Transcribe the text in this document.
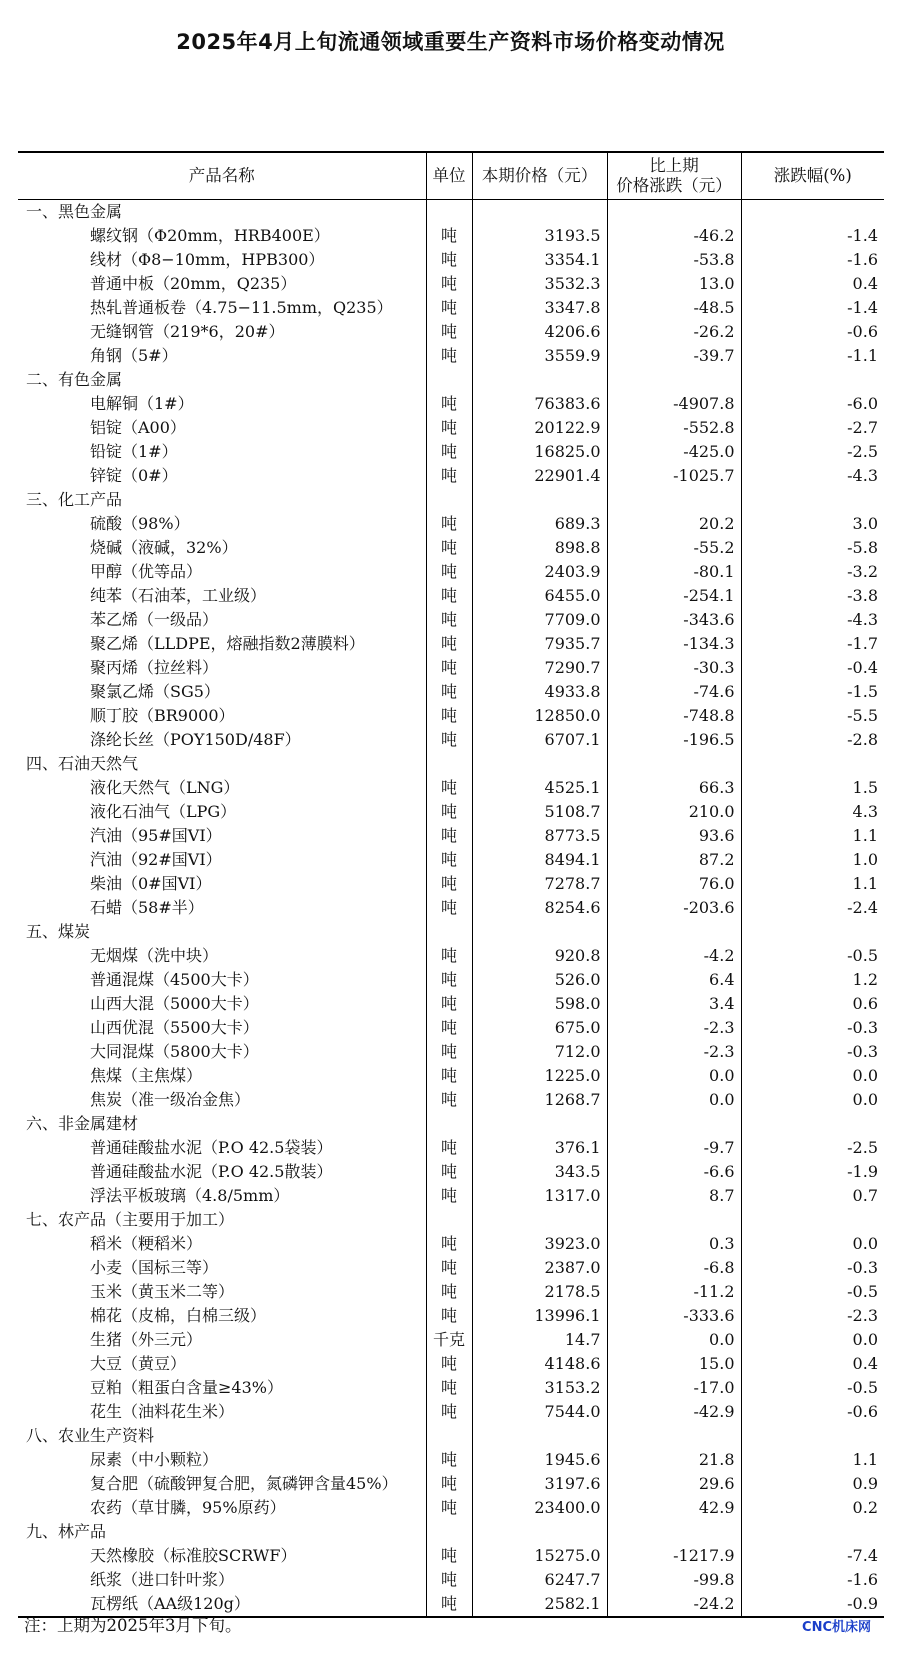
2025年4月上旬流通领域重要生产资料市场价格变动情况
产品名称	单位	本期价格（元）	比上期
价格涨跌（元）	涨跌幅(%)
一、黑色金属				
螺纹钢（Φ20mm，HRB400E）	吨	3193.5	-46.2	-1.4
线材（Φ8−10mm，HPB300）	吨	3354.1	-53.8	-1.6
普通中板（20mm，Q235）	吨	3532.3	13.0	0.4
热轧普通板卷（4.75−11.5mm，Q235）	吨	3347.8	-48.5	-1.4
无缝钢管（219*6，20#）	吨	4206.6	-26.2	-0.6
角钢（5#）	吨	3559.9	-39.7	-1.1
二、有色金属				
电解铜（1#）	吨	76383.6	-4907.8	-6.0
铝锭（A00）	吨	20122.9	-552.8	-2.7
铅锭（1#）	吨	16825.0	-425.0	-2.5
锌锭（0#）	吨	22901.4	-1025.7	-4.3
三、化工产品				
硫酸（98%）	吨	689.3	20.2	3.0
烧碱（液碱，32%）	吨	898.8	-55.2	-5.8
甲醇（优等品）	吨	2403.9	-80.1	-3.2
纯苯（石油苯，工业级）	吨	6455.0	-254.1	-3.8
苯乙烯（一级品）	吨	7709.0	-343.6	-4.3
聚乙烯（LLDPE，熔融指数2薄膜料）	吨	7935.7	-134.3	-1.7
聚丙烯（拉丝料）	吨	7290.7	-30.3	-0.4
聚氯乙烯（SG5）	吨	4933.8	-74.6	-1.5
顺丁胶（BR9000）	吨	12850.0	-748.8	-5.5
涤纶长丝（POY150D/48F）	吨	6707.1	-196.5	-2.8
四、石油天然气				
液化天然气（LNG）	吨	4525.1	66.3	1.5
液化石油气（LPG）	吨	5108.7	210.0	4.3
汽油（95#国VI）	吨	8773.5	93.6	1.1
汽油（92#国VI）	吨	8494.1	87.2	1.0
柴油（0#国VI）	吨	7278.7	76.0	1.1
石蜡（58#半）	吨	8254.6	-203.6	-2.4
五、煤炭				
无烟煤（洗中块）	吨	920.8	-4.2	-0.5
普通混煤（4500大卡）	吨	526.0	6.4	1.2
山西大混（5000大卡）	吨	598.0	3.4	0.6
山西优混（5500大卡）	吨	675.0	-2.3	-0.3
大同混煤（5800大卡）	吨	712.0	-2.3	-0.3
焦煤（主焦煤）	吨	1225.0	0.0	0.0
焦炭（准一级冶金焦）	吨	1268.7	0.0	0.0
六、非金属建材				
普通硅酸盐水泥（P.O 42.5袋装）	吨	376.1	-9.7	-2.5
普通硅酸盐水泥（P.O 42.5散装）	吨	343.5	-6.6	-1.9
浮法平板玻璃（4.8/5mm）	吨	1317.0	8.7	0.7
七、农产品（主要用于加工）				
稻米（粳稻米）	吨	3923.0	0.3	0.0
小麦（国标三等）	吨	2387.0	-6.8	-0.3
玉米（黄玉米二等）	吨	2178.5	-11.2	-0.5
棉花（皮棉，白棉三级）	吨	13996.1	-333.6	-2.3
生猪（外三元）	千克	14.7	0.0	0.0
大豆（黄豆）	吨	4148.6	15.0	0.4
豆粕（粗蛋白含量≥43%）	吨	3153.2	-17.0	-0.5
花生（油料花生米）	吨	7544.0	-42.9	-0.6
八、农业生产资料				
尿素（中小颗粒）	吨	1945.6	21.8	1.1
复合肥（硫酸钾复合肥，氮磷钾含量45%）	吨	3197.6	29.6	0.9
农药（草甘膦，95%原药）	吨	23400.0	42.9	0.2
九、林产品				
天然橡胶（标准胶SCRWF）	吨	15275.0	-1217.9	-7.4
纸浆（进口针叶浆）	吨	6247.7	-99.8	-1.6
瓦楞纸（AA级120g）	吨	2582.1	-24.2	-0.9
注：上期为2025年3月下旬。	CNC机床网
